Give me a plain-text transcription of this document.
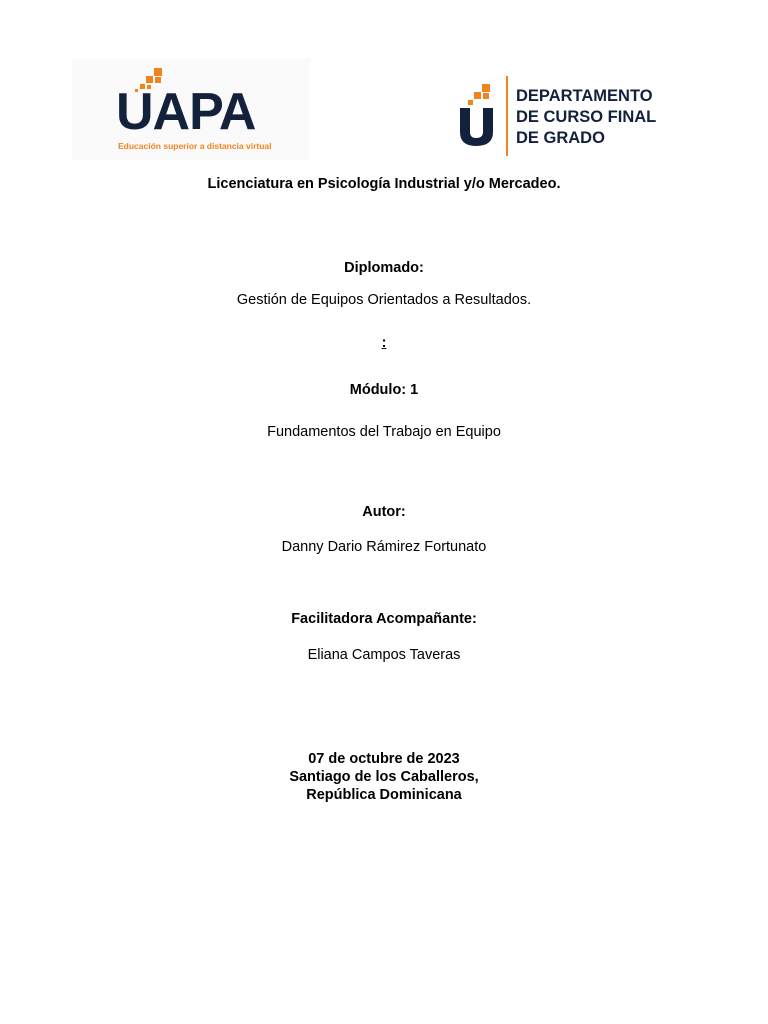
UAPA
Educación superior a distancia virtual
DEPARTAMENTO
DE CURSO FINAL
DE GRADO
Licenciatura en Psicología Industrial y/o Mercadeo.
Diplomado:
Gestión de Equipos Orientados a Resultados.
:
Módulo: 1
Fundamentos del Trabajo en Equipo
Autor:
Danny Dario Rámirez Fortunato
Facilitadora Acompañante:
Eliana Campos Taveras
07 de octubre de 2023
Santiago de los Caballeros,
República Dominicana
